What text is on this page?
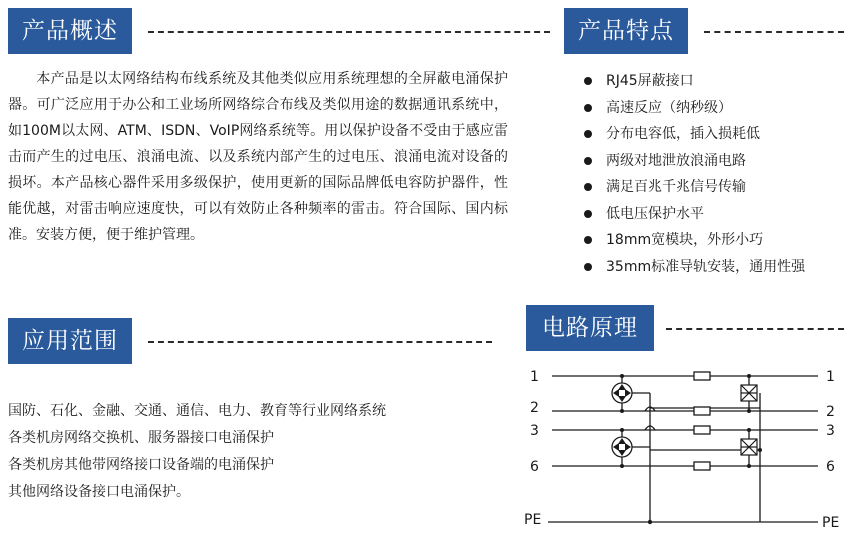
产品概述	产品特点
应用范围	电路原理

本产品是以太网络结构布线系统及其他类似应用系统理想的全屏蔽电涌保护器。可广泛应用于办公和工业场所网络综合布线及类似用途的数据通讯系统中，如100M以太网、ATM、ISDN、VoIP网络系统等。用以保护设备不受由于感应雷击而产生的过电压、浪涌电流、以及系统内部产生的过电压、浪涌电流对设备的损坏。本产品核心器件采用多级保护，使用更新的国际品牌低电容防护器件，性能优越，对雷击响应速度快，可以有效防止各种频率的雷击。符合国际、国内标准。安装方便，便于维护管理。

RJ45屏蔽接口
高速反应（纳秒级）
分布电容低，插入损耗低
两级对地泄放浪涌电路
满足百兆千兆信号传输
低电压保护水平
18mm宽模块，外形小巧
35mm标准导轨安装，通用性强
国防、石化、金融、交通、通信、电力、教育等行业网络系统
各类机房网络交换机、服务器接口电涌保护
各类机房其他带网络接口设备端的电涌保护
其他网络设备接口电涌保护。
1
2
3
6
PE
1
2
3
6
PE
